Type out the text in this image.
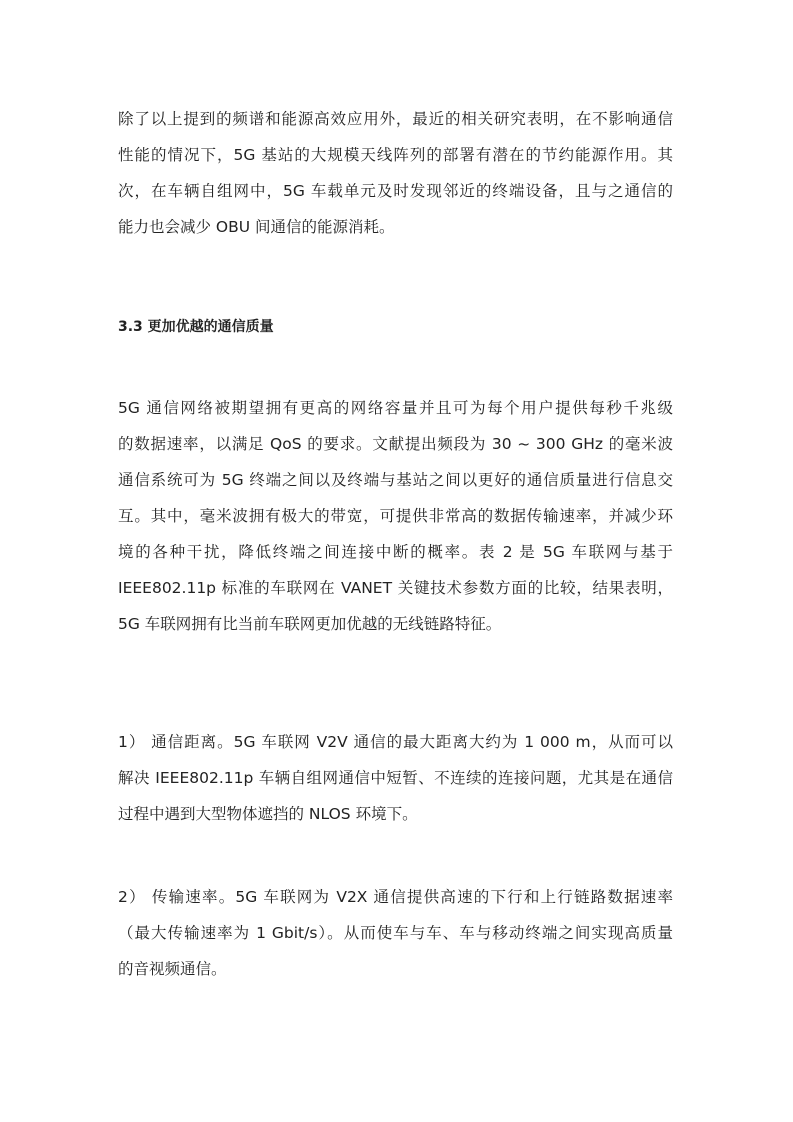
除了以上提到的频谱和能源高效应用外，最近的相关研究表明，在不影响通信
性能的情况下，5G 基站的大规模天线阵列的部署有潜在的节约能源作用。其
次，在车辆自组网中，5G 车载单元及时发现邻近的终端设备，且与之通信的
能力也会减少 OBU 间通信的能源消耗。
3.3 更加优越的通信质量
5G 通信网络被期望拥有更高的网络容量并且可为每个用户提供每秒千兆级
的数据速率，以满足 QoS 的要求。文献提出频段为 30 ~ 300 GHz 的毫米波
通信系统可为 5G 终端之间以及终端与基站之间以更好的通信质量进行信息交
互。其中，毫米波拥有极大的带宽，可提供非常高的数据传输速率，并减少环
境的各种干扰，降低终端之间连接中断的概率。表 2 是 5G 车联网与基于
IEEE802.11p 标准的车联网在 VANET 关键技术参数方面的比较，结果表明，
5G 车联网拥有比当前车联网更加优越的无线链路特征。
1） 通信距离。5G 车联网 V2V 通信的最大距离大约为 1 000 m，从而可以
解决 IEEE802.11p 车辆自组网通信中短暂、不连续的连接问题，尤其是在通信
过程中遇到大型物体遮挡的 NLOS 环境下。
2） 传输速率。5G 车联网为 V2X 通信提供高速的下行和上行链路数据速率
（最大传输速率为 1 Gbit/s）。从而使车与车、车与移动终端之间实现高质量
的音视频通信。
